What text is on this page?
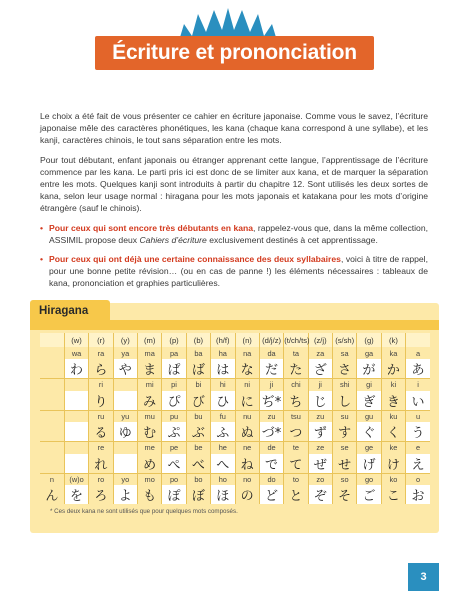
Écriture et prononciation

Le choix a été fait de vous présenter ce cahier en écriture japonaise. Comme vous le savez, l’écriture japonaise mêle des caractères phonétiques, les kana (chaque kana correspond à une syllabe), et les kanji, caractères chinois, le tout sans séparation entre les mots.

Pour tout débutant, enfant japonais ou étranger apprenant cette langue, l’apprentissage de l’écriture commence par les kana. Le parti pris ici est donc de se limiter aux kana, et de marquer la séparation entre les mots. Quelques kanji sont introduits à partir du chapitre 12. Sont utilisés les deux sortes de kana, selon leur usage normal : hiragana pour les mots japonais et katakana pour les mots d’origine étrangère (sauf le chinois).

• Pour ceux qui sont encore très débutants en kana, rappelez-vous que, dans la même collection, ASSIMIL propose deux Cahiers d’écriture exclusivement destinés à cet apprentissage.

• Pour ceux qui ont déjà une certaine connaissance des deux syllabaires, voici à titre de rappel, pour une bonne petite révision… (ou en cas de panne !) les éléments nécessaires : tableaux de kana, prononciation et graphies particulières.

Hiragana
	(w)	(r)	(y)	(m)	(p)	(b)	(h/f)	(n)	(d/j/z)	(t/ch/ts)	(z/j)	(s/sh)	(g)	(k)	
	wa	ra	ya	ma	pa	ba	ha	na	da	ta	za	sa	ga	ka	a
	わ	ら	や	ま	ぱ	ば	は	な	だ	た	ざ	さ	が	か	あ
		ri		mi	pi	bi	hi	ni	ji	chi	ji	shi	gi	ki	i
		り		み	ぴ	び	ひ	に	ぢ*	ち	じ	し	ぎ	き	い
		ru	yu	mu	pu	bu	fu	nu	zu	tsu	zu	su	gu	ku	u
		る	ゆ	む	ぷ	ぶ	ふ	ぬ	づ*	つ	ず	す	ぐ	く	う
		re		me	pe	be	he	ne	de	te	ze	se	ge	ke	e
		れ		め	ぺ	べ	へ	ね	で	て	ぜ	せ	げ	け	え
n	(w)o	ro	yo	mo	po	bo	ho	no	do	to	zo	so	go	ko	o
ん	を	ろ	よ	も	ぽ	ぼ	ほ	の	ど	と	ぞ	そ	ご	こ	お
* Ces deux kana ne sont utilisés que pour quelques mots composés.
3
